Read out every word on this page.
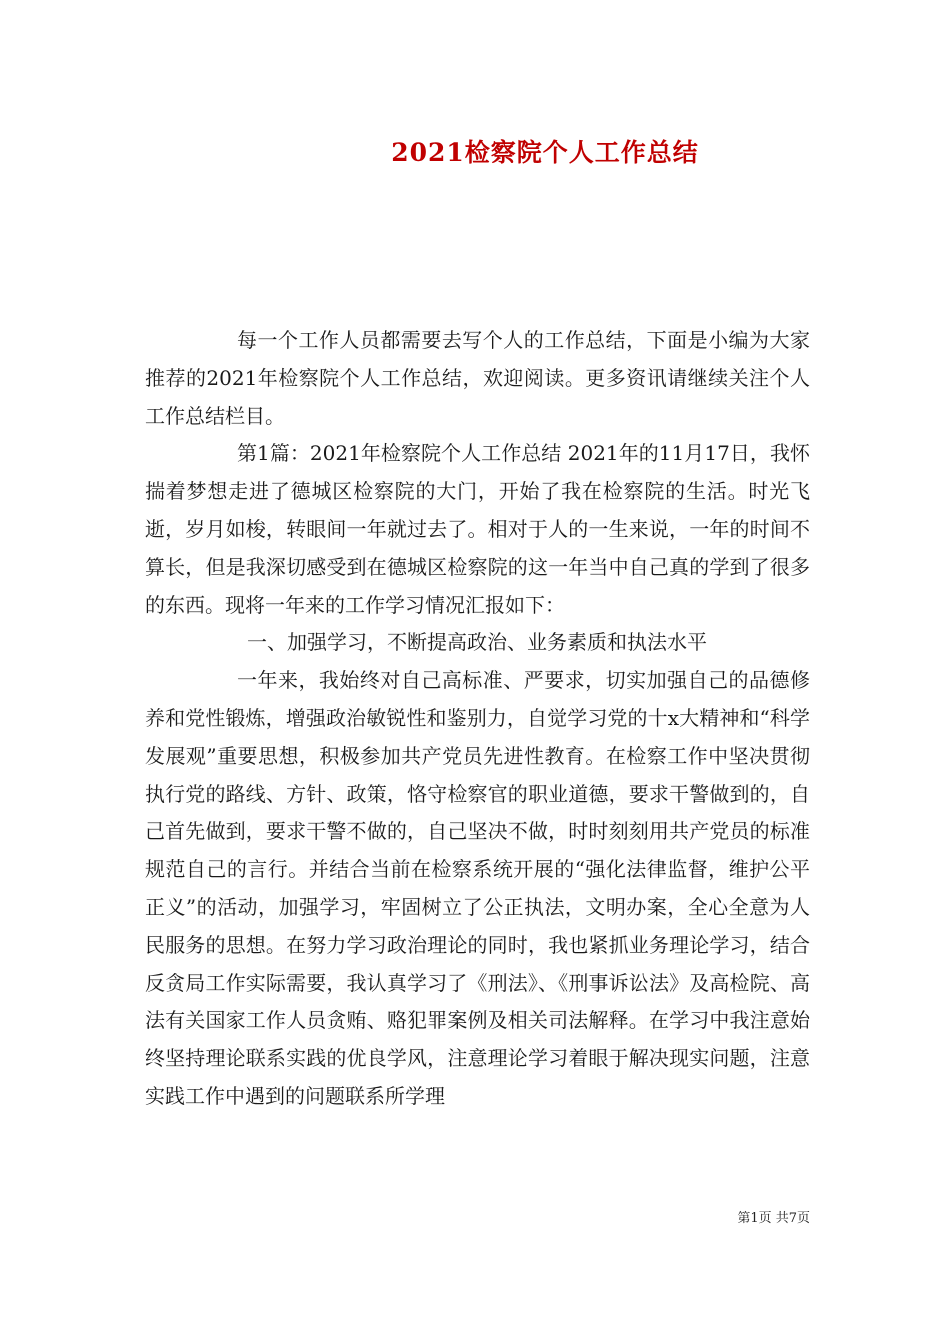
2021检察院个人工作总结

每一个工作人员都需要去写个人的工作总结，下面是小编为大家推荐的2021年检察院个人工作总结，欢迎阅读。更多资讯请继续关注个人工作总结栏目。

第1篇：2021年检察院个人工作总结 2021年的11月17日，我怀揣着梦想走进了德城区检察院的大门，开始了我在检察院的生活。时光飞逝，岁月如梭，转眼间一年就过去了。相对于人的一生来说，一年的时间不算长，但是我深切感受到在德城区检察院的这一年当中自己真的学到了很多的东西。现将一年来的工作学习情况汇报如下：

一、加强学习，不断提高政治、业务素质和执法水平

一年来，我始终对自己高标准、严要求，切实加强自己的品德修养和党性锻炼，增强政治敏锐性和鉴别力，自觉学习党的十x大精神和“科学发展观”重要思想，积极参加共产党员先进性教育。在检察工作中坚决贯彻执行党的路线、方针、政策，恪守检察官的职业道德，要求干警做到的，自己首先做到，要求干警不做的，自己坚决不做，时时刻刻用共产党员的标准规范自己的言行。并结合当前在检察系统开展的“强化法律监督，维护公平正义”的活动，加强学习，牢固树立了公正执法，文明办案，全心全意为人民服务的思想。在努力学习政治理论的同时，我也紧抓业务理论学习，结合反贪局工作实际需要，我认真学习了《刑法》、《刑事诉讼法》及高检院、高法有关国家工作人员贪贿、赂犯罪案例及相关司法解释。在学习中我注意始终坚持理论联系实践的优良学风，注意理论学习着眼于解决现实问题，注意实践工作中遇到的问题联系所学理

第1页 共7页
